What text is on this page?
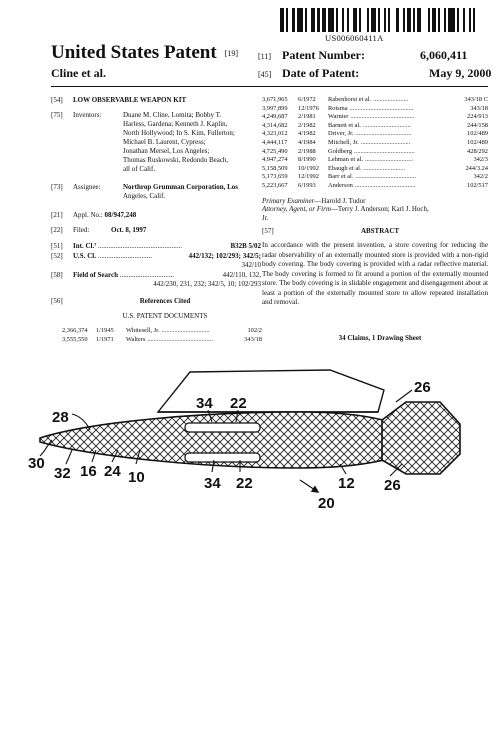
US006060411A
United States Patent [19]
Cline et al.
[11] Patent Number:	6,060,411
[45] Date of Patent:	May 9, 2000
[54] LOW OBSERVABLE WEAPON KIT
[75] Inventors:	Duane M. Cline, Lomita; Bobby T.
Harless, Gardena; Kenneth J. Kaplin,
North Hollywood; In S. Kim, Fullerton;
Michael B. Laurent, Cypress;
Jonathan Mersel, Los Angeles;
Thomas Ruskowski, Redondo Beach,
all of Calif.
[73] Assignee:	Northrop Grumman Corporation, Los
Angeles, Calif.
[21] Appl. No.: 08/947,248
[22] Filed:	Oct. 8, 1997
[51] Int. Cl.⁷ ................................................	B32B 5/02
[52] U.S. Cl. ...............................	442/132; 102/293; 342/5;
342/10
[58] Field of Search ...............................	442/110, 132,
442/230, 231, 232; 342/5, 10; 102/293
[56]	References Cited
U.S. PATENT DOCUMENTS
2,366,374	1/1945	Whitesell, Jr. ..............................	102/2
3,555,550	1/1971	Walters .........................................	343/18
3,671,965	6/1972	Rabenhorst et al. ......................	343/18 C
3,997,899	12/1976	Rotsma ........................................	343/18
4,249,687	2/1981	Warnier ........................................	224/913
4,314,682	2/1982	Barnett et al. ..............................	244/158
4,323,012	4/1982	Driver, Jr. ...................................	102/489
4,444,117	4/1984	Mitchell, Jr. ...............................	102/489
4,725,490	2/1988	Goldberg ......................................	428/292
4,947,274	8/1990	Lehman et al. ..............................	342/3
5,158,509	10/1992	Ebaugh et al. ..........................	244/3.24
5,173,659	12/1992	Barr et al. ......................................	342/2
5,223,667	6/1993	Anderson ......................................	102/517
Primary Examiner—Harold J. Tudor
Attorney, Agent, or Firm—Terry J. Anderson; Karl J. Hoch,
Jr.
[57]	ABSTRACT
In accordance with the present invention, a store covering for reducing the radar observability of an externally mounted store is provided with a non-rigid body covering. The body covering is provided with a radar reflective material. The body covering is formed to fit around a portion of the externally mounted store. The body covering is in slidable engagement and disengagement about at least a portion of the externally mounted store to allow repeated installation and removal.
34 Claims, 1 Drawing Sheet
26
28
34 22
30
32 16 24 10	34 22	12 26
20
